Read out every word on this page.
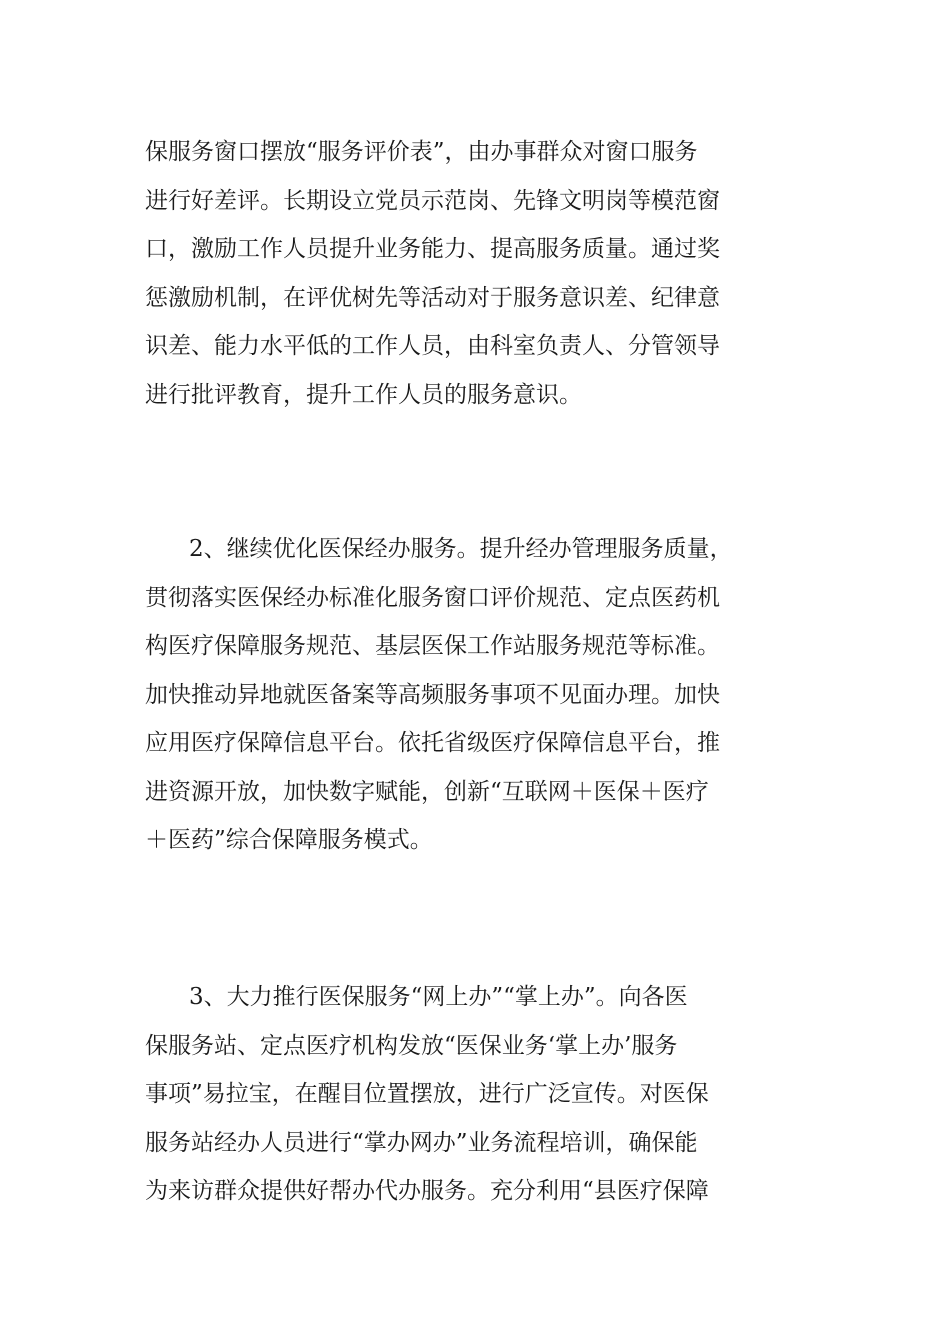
保服务窗口摆放“服务评价表”，由办事群众对窗口服务
进行好差评。长期设立党员示范岗、先锋文明岗等模范窗
口，激励工作人员提升业务能力、提高服务质量。通过奖
惩激励机制，在评优树先等活动对于服务意识差、纪律意
识差、能力水平低的工作人员，由科室负责人、分管领导
进行批评教育，提升工作人员的服务意识。
2、继续优化医保经办服务。提升经办管理服务质量，
贯彻落实医保经办标准化服务窗口评价规范、定点医药机
构医疗保障服务规范、基层医保工作站服务规范等标准。
加快推动异地就医备案等高频服务事项不见面办理。加快
应用医疗保障信息平台。依托省级医疗保障信息平台，推
进资源开放，加快数字赋能，创新“互联网＋医保＋医疗
＋医药”综合保障服务模式。
3、大力推行医保服务“网上办”“掌上办”。向各医
保服务站、定点医疗机构发放“医保业务‘掌上办’服务
事项”易拉宝，在醒目位置摆放，进行广泛宣传。对医保
服务站经办人员进行“掌办网办”业务流程培训，确保能
为来访群众提供好帮办代办服务。充分利用“县医疗保障
